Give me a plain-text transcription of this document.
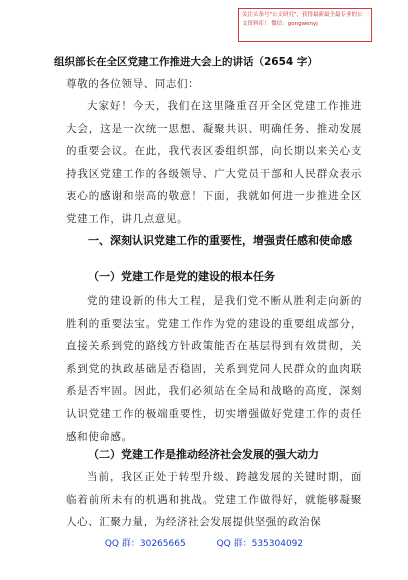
关注头条号"公文研究"，获得最新最全最专业的公文资料库！ 微信：gongwenyj
组织部长在全区党建工作推进大会上的讲话（2654 字）
尊敬的各位领导、同志们：
大家好！今天，我们在这里隆重召开全区党建工作推进大会，这是一次统一思想、凝聚共识、明确任务、推动发展的重要会议。在此，我代表区委组织部，向长期以来关心支持我区党建工作的各级领导、广大党员干部和人民群众表示衷心的感谢和崇高的敬意！下面，我就如何进一步推进全区党建工作，讲几点意见。
一、深刻认识党建工作的重要性，增强责任感和使命感
（一）党建工作是党的建设的根本任务
党的建设新的伟大工程，是我们党不断从胜利走向新的胜利的重要法宝。党建工作作为党的建设的重要组成部分，直接关系到党的路线方针政策能否在基层得到有效贯彻，关系到党的执政基础是否稳固，关系到党同人民群众的血肉联系是否牢固。因此，我们必须站在全局和战略的高度，深刻认识党建工作的极端重要性，切实增强做好党建工作的责任感和使命感。
（二）党建工作是推动经济社会发展的强大动力
当前，我区正处于转型升级、跨越发展的关键时期，面临着前所未有的机遇和挑战。党建工作做得好，就能够凝聚人心、汇聚力量，为经济社会发展提供坚强的政治保
QQ 群：30265665	QQ 群：535304092
